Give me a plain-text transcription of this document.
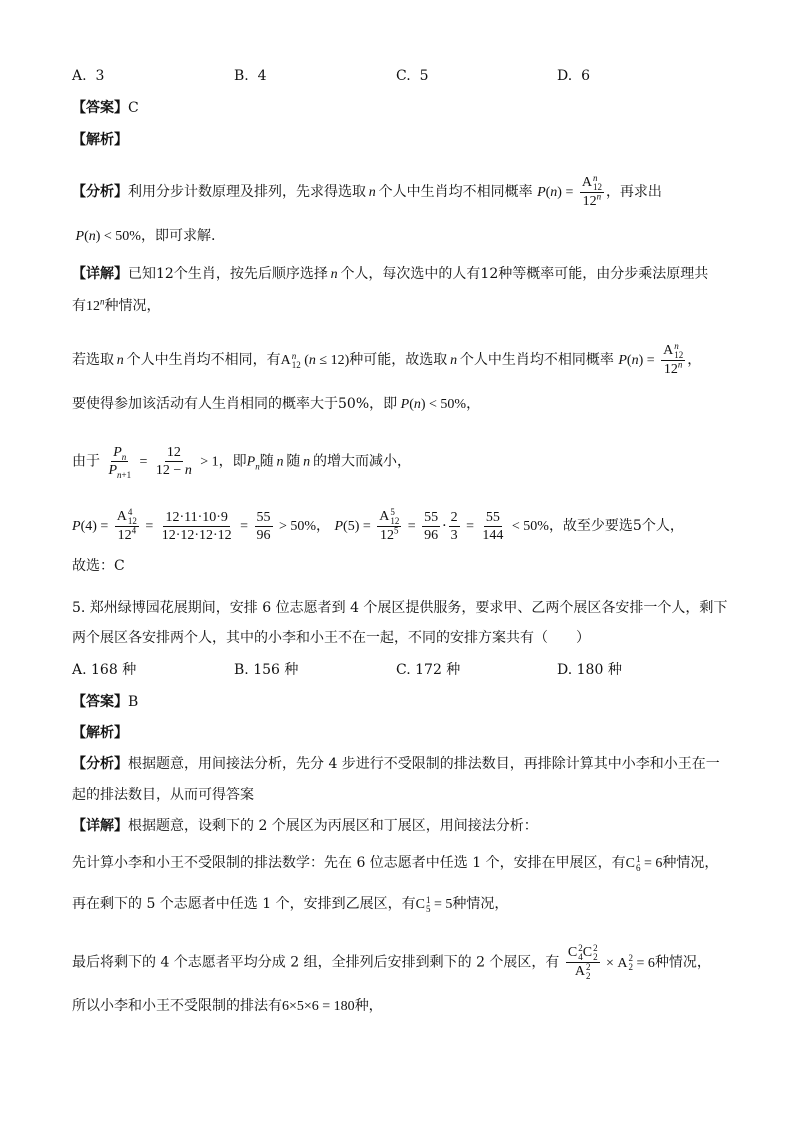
A. 3	B. 4	C. 5	D. 6
【答案】C
【解析】
【分析】利用分步计数原理及排列，先求得选取 n 个人中生肖均不相同概率 P(n) = A n
12
12$^n$ ，再求出
P(n) < 50%，即可求解.
【详解】已知12个生肖，按先后顺序选择 n 个人，每次选中的人有12种等概率可能，由分步乘法原理共
有12$^n$种情况，
若选取 n 个人中生肖均不相同，有A n
12 (n ≤ 12)种可能，故选取 n 个人中生肖均不相同概率 P(n) = A n
12
12$^n$ ，
要使得参加该活动有人生肖相同的概率大于50%，即 P(n) < 50%，
由于 $\frac{P_n}{P_{n+1}} = \frac{12}{12 - n} > 1$，即$P_n$随 n 随 n 的增大而减小，
P(4) = A 4
12
$12^4 = \frac{12\cdot 11\cdot 10\cdot 9}{12\cdot 12\cdot 12\cdot 12} = \frac{55}{96} > 50\%$， P(5) = A 5
12
$12^5 = \frac{55}{96} \cdot \frac{2}{3} = \frac{55}{144} < 50\%$，故至少要选5个人，
故选：C
5. 郑州绿博园花展期间，安排 6 位志愿者到 4 个展区提供服务，要求甲、乙两个展区各安排一个人，剩下
两个展区各安排两个人，其中的小李和小王不在一起，不同的安排方案共有（　　）
A. 168 种	B. 156 种	C. 172 种	D. 180 种
【答案】B
【解析】
【分析】根据题意，用间接法分析，先分 4 步进行不受限制的排法数目，再排除计算其中小李和小王在一
起的排法数目，从而可得答案
【详解】根据题意，设剩下的 2 个展区为丙展区和丁展区，用间接法分析：
先计算小李和小王不受限制的排法数学：先在 6 位志愿者中任选 1 个，安排在甲展区，有C 1
6 = 6种情况，
再在剩下的 5 个志愿者中任选 1 个，安排到乙展区，有C 1
5 = 5种情况，
最后将剩下的 4 个志愿者平均分成 2 组，全排列后安排到剩下的 2 个展区，有 C 2
4 C 2
2
A 2
2 × A 2
2 = 6种情况，
所以小李和小王不受限制的排法有6×5×6 = 180种，
